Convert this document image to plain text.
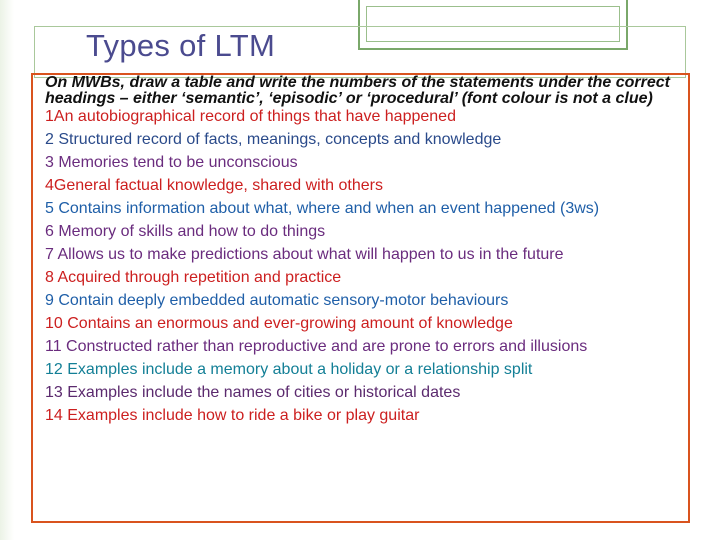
Types of LTM

On MWBs, draw a table and write the numbers of the statements under the correct headings – either ‘semantic’, ‘episodic’ or ‘procedural’ (font colour is not a clue)

1An autobiographical record of things that have happened

2 Structured record of facts, meanings, concepts and knowledge

3 Memories tend to be unconscious

4General factual knowledge, shared with others

5 Contains information about what, where and when an event happened (3ws)

6 Memory of skills and how to do things

7 Allows us to make predictions about what will happen to us in the future

8 Acquired through repetition and practice

9 Contain deeply embedded automatic sensory-motor behaviours

10 Contains an enormous and ever-growing amount of knowledge

11 Constructed rather than reproductive and are prone to errors and illusions

12 Examples include a memory about a holiday or a relationship split

13 Examples include the names of cities or historical dates

14 Examples include how to ride a bike or play guitar
